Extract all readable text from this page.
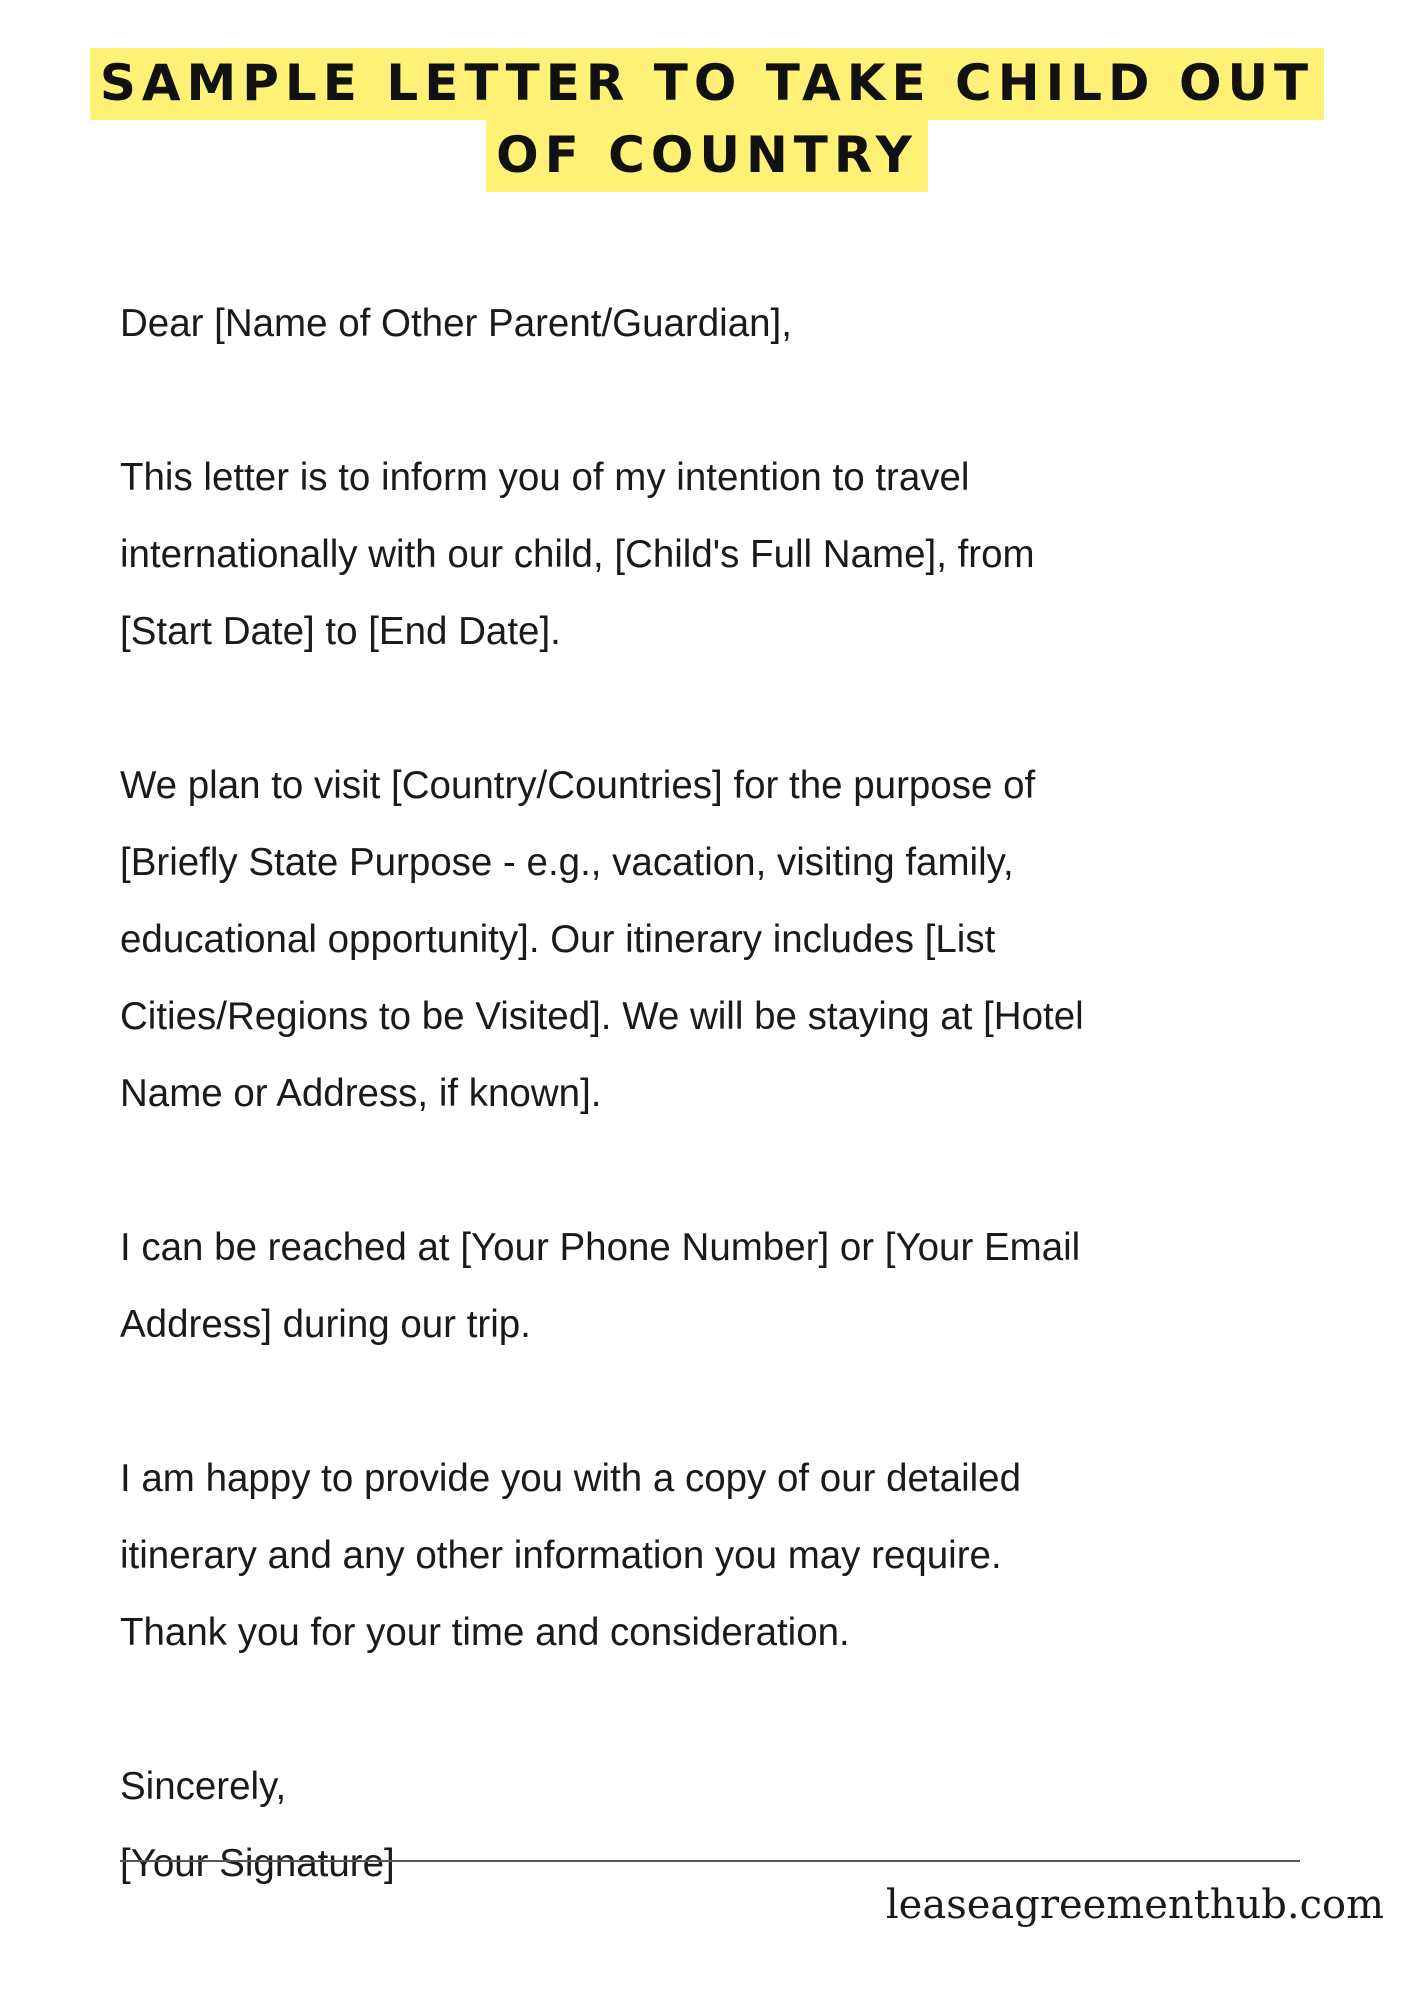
SAMPLE LETTER TO TAKE CHILD OUT
OF COUNTRY

Dear [Name of Other Parent/Guardian],

This letter is to inform you of my intention to travel
internationally with our child, [Child's Full Name], from
[Start Date] to [End Date].

We plan to visit [Country/Countries] for the purpose of
[Briefly State Purpose - e.g., vacation, visiting family,
educational opportunity]. Our itinerary includes [List
Cities/Regions to be Visited]. We will be staying at [Hotel
Name or Address, if known].

I can be reached at [Your Phone Number] or [Your Email
Address] during our trip.

I am happy to provide you with a copy of our detailed
itinerary and any other information you may require.
Thank you for your time and consideration.

Sincerely,
[Your Signature]

leaseagreementhub.com
